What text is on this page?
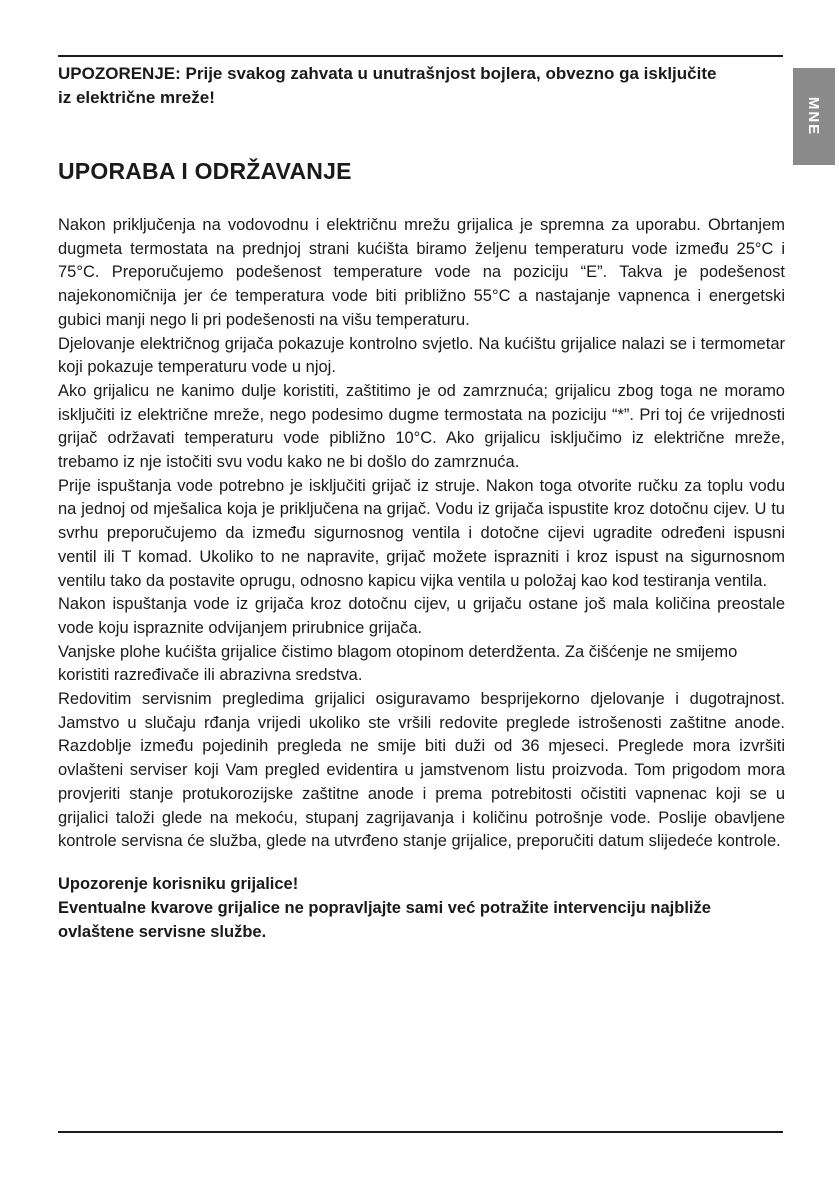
MNE

UPOZORENJE: Prije svakog zahvata u unutrašnjost bojlera, obvezno ga isključite iz električne mreže!

UPORABA I ODRŽAVANJE

Nakon priključenja na vodovodnu i električnu mrežu grijalica je spremna za uporabu. Obrtanjem dugmeta termostata na prednjoj strani kućišta biramo željenu temperaturu vode između 25°C i 75°C. Preporučujemo podešenost temperature vode na poziciju “E”. Takva je podešenost najekonomičnija jer će temperatura vode biti približno 55°C a nastajanje vapnenca i energetski gubici manji nego li pri podešenosti na višu temperaturu.

Djelovanje električnog grijača pokazuje kontrolno svjetlo. Na kućištu grijalice nalazi se i termometar koji pokazuje temperaturu vode u njoj.

Ako grijalicu ne kanimo dulje koristiti, zaštitimo je od zamrznuća; grijalicu zbog toga ne moramo isključiti iz električne mreže, nego podesimo dugme termostata na poziciju “*”. Pri toj će vrijednosti grijač održavati temperaturu vode pibližno 10°C. Ako grijalicu isključimo iz električne mreže, trebamo iz nje istočiti svu vodu kako ne bi došlo do zamrznuća.

Prije ispuštanja vode potrebno je isključiti grijač iz struje. Nakon toga otvorite ručku za toplu vodu na jednoj od mješalica koja je priključena na grijač. Vodu iz grijača ispustite kroz dotočnu cijev. U tu svrhu preporučujemo da između sigurnosnog ventila i dotočne cijevi ugradite određeni ispusni ventil ili T komad. Ukoliko to ne napravite, grijač možete isprazniti i kroz ispust na sigurnosnom ventilu tako da postavite oprugu, odnosno kapicu vijka ventila u položaj kao kod testiranja ventila.

Nakon ispuštanja vode iz grijača kroz dotočnu cijev, u grijaču ostane još mala količina preostale vode koju ispraznite odvijanjem prirubnice grijača.

Vanjske plohe kućišta grijalice čistimo blagom otopinom deterdženta. Za čišćenje ne smijemo koristiti razređivače ili abrazivna sredstva.

Redovitim servisnim pregledima grijalici osiguravamo besprijekorno djelovanje i dugotrajnost. Jamstvo u slučaju rđanja vrijedi ukoliko ste vršili redovite preglede istrošenosti zaštitne anode. Razdoblje između pojedinih pregleda ne smije biti duži od 36 mjeseci. Preglede mora izvršiti ovlašteni serviser koji Vam pregled evidentira u jamstvenom listu proizvoda. Tom prigodom mora provjeriti stanje protukorozijske zaštitne anode i prema potrebitosti očistiti vapnenac koji se u grijalici taloži glede na mekoću, stupanj zagrijavanja i količinu potrošnje vode. Poslije obavljene kontrole servisna će služba, glede na utvrđeno stanje grijalice, preporučiti datum slijedeće kontrole.

Upozorenje korisniku grijalice!

Eventualne kvarove grijalice ne popravljajte sami već potražite intervenciju najbliže ovlaštene servisne službe.
